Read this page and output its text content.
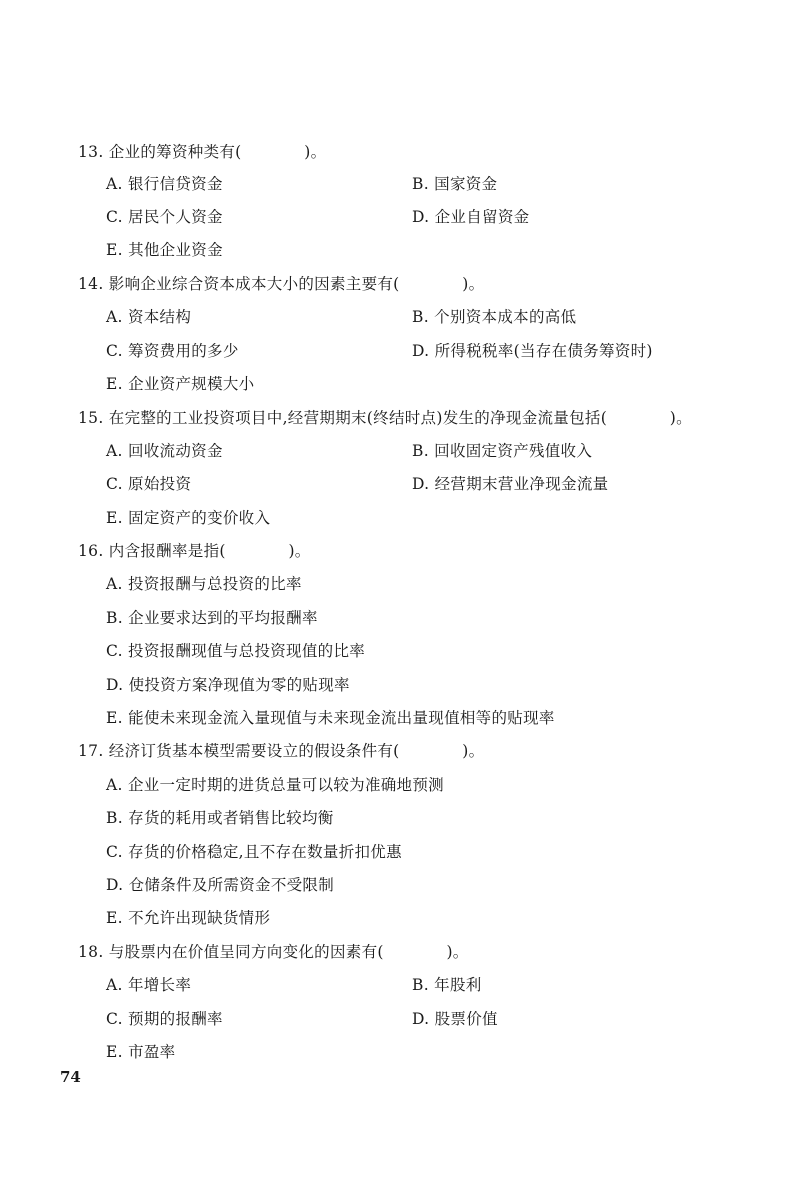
13. 企业的筹资种类有(            )。
A. 银行信贷资金	B. 国家资金
C. 居民个人资金	D. 企业自留资金
E. 其他企业资金
14. 影响企业综合资本成本大小的因素主要有(            )。
A. 资本结构	B. 个别资本成本的高低
C. 筹资费用的多少	D. 所得税税率(当存在债务筹资时)
E. 企业资产规模大小
15. 在完整的工业投资项目中,经营期期末(终结时点)发生的净现金流量包括(            )。
A. 回收流动资金	B. 回收固定资产残值收入
C. 原始投资	D. 经营期末营业净现金流量
E. 固定资产的变价收入
16. 内含报酬率是指(            )。
A. 投资报酬与总投资的比率
B. 企业要求达到的平均报酬率
C. 投资报酬现值与总投资现值的比率
D. 使投资方案净现值为零的贴现率
E. 能使未来现金流入量现值与未来现金流出量现值相等的贴现率
17. 经济订货基本模型需要设立的假设条件有(            )。
A. 企业一定时期的进货总量可以较为准确地预测
B. 存货的耗用或者销售比较均衡
C. 存货的价格稳定,且不存在数量折扣优惠
D. 仓储条件及所需资金不受限制
E. 不允许出现缺货情形
18. 与股票内在价值呈同方向变化的因素有(            )。
A. 年增长率	B. 年股利
C. 预期的报酬率	D. 股票价值
E. 市盈率
74
